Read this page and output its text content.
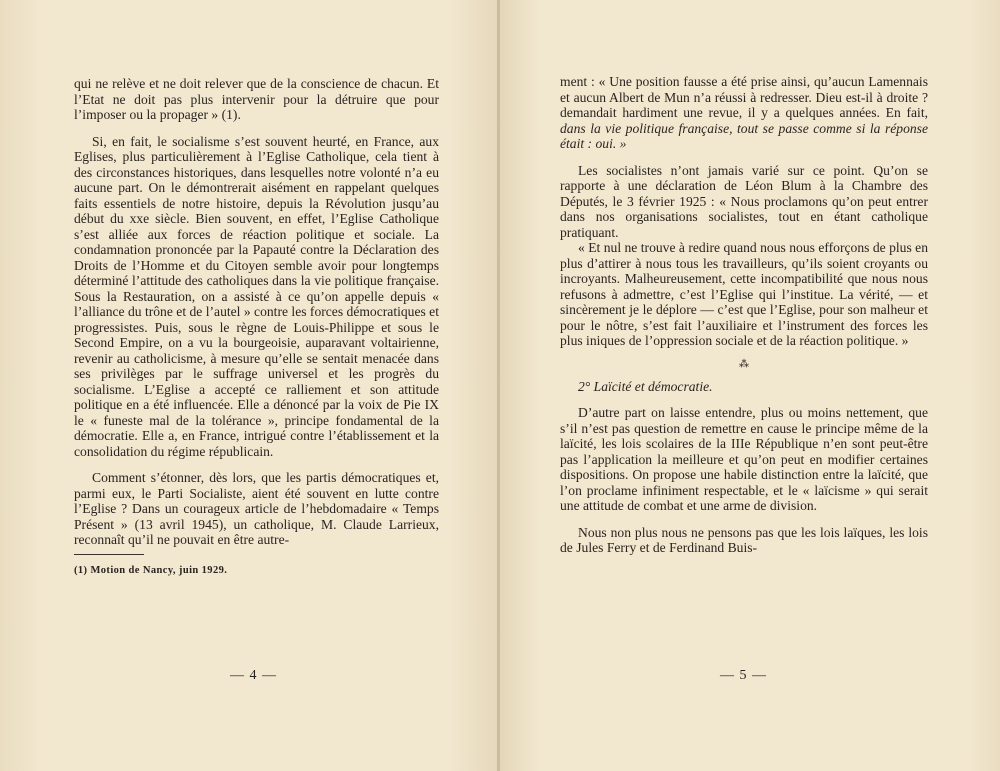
qui ne relève et ne doit relever que de la conscience de chacun. Et l’Etat ne doit pas plus intervenir pour la détruire que pour l’imposer ou la propager » (1).

Si, en fait, le socialisme s’est souvent heurté, en France, aux Eglises, plus particulièrement à l’Eglise Catholique, cela tient à des circonstances historiques, dans lesquelles notre volonté n’a eu aucune part. On le démontrerait aisément en rappelant quelques faits essentiels de notre histoire, depuis la Révolution jusqu’au début du xxe siècle. Bien souvent, en effet, l’Eglise Catholique s’est alliée aux forces de réaction politique et sociale. La condamnation prononcée par la Papauté contre la Déclaration des Droits de l’Homme et du Citoyen semble avoir pour longtemps déterminé l’attitude des catholiques dans la vie politique française. Sous la Restauration, on a assisté à ce qu’on appelle depuis « l’alliance du trône et de l’autel » contre les forces démocratiques et progressistes. Puis, sous le règne de Louis-Philippe et sous le Second Empire, on a vu la bourgeoisie, auparavant voltairienne, revenir au catholicisme, à mesure qu’elle se sentait menacée dans ses privilèges par le suffrage universel et les progrès du socialisme. L’Eglise a accepté ce ralliement et son attitude politique en a été influencée. Elle a dénoncé par la voix de Pie IX le « funeste mal de la tolérance », principe fondamental de la démocratie. Elle a, en France, intrigué contre l’établissement et la consolidation du régime républicain.

Comment s’étonner, dès lors, que les partis démocratiques et, parmi eux, le Parti Socialiste, aient été souvent en lutte contre l’Eglise ? Dans un courageux article de l’hebdomadaire « Temps Présent » (13 avril 1945), un catholique, M. Claude Larrieux, reconnaît qu’il ne pouvait en être autre-

(1) Motion de Nancy, juin 1929.

— 4 —

ment : « Une position fausse a été prise ainsi, qu’aucun Lamennais et aucun Albert de Mun n’a réussi à redresser. Dieu est-il à droite ? demandait hardiment une revue, il y a quelques années. En fait, dans la vie politique française, tout se passe comme si la réponse était : oui. »

Les socialistes n’ont jamais varié sur ce point. Qu’on se rapporte à une déclaration de Léon Blum à la Chambre des Députés, le 3 février 1925 : « Nous proclamons qu’on peut entrer dans nos organisations socialistes, tout en étant catholique pratiquant.

« Et nul ne trouve à redire quand nous nous efforçons de plus en plus d’attirer à nous tous les travailleurs, qu’ils soient croyants ou incroyants. Malheureusement, cette incompatibilité que nous nous refusons à admettre, c’est l’Eglise qui l’institue. La vérité, — et sincèrement je le déplore — c’est que l’Eglise, pour son malheur et pour le nôtre, s’est fait l’auxiliaire et l’instrument des forces les plus iniques de l’oppression sociale et de la réaction politique. »

⁂

2° Laïcité et démocratie.

D’autre part on laisse entendre, plus ou moins nettement, que s’il n’est pas question de remettre en cause le principe même de la laïcité, les lois scolaires de la IIIe République n’en sont peut-être pas l’application la meilleure et qu’on peut en modifier certaines dispositions. On propose une habile distinction entre la laïcité, que l’on proclame infiniment respectable, et le « laïcisme » qui serait une attitude de combat et une arme de division.

Nous non plus nous ne pensons pas que les lois laïques, les lois de Jules Ferry et de Ferdinand Buis-

— 5 —
